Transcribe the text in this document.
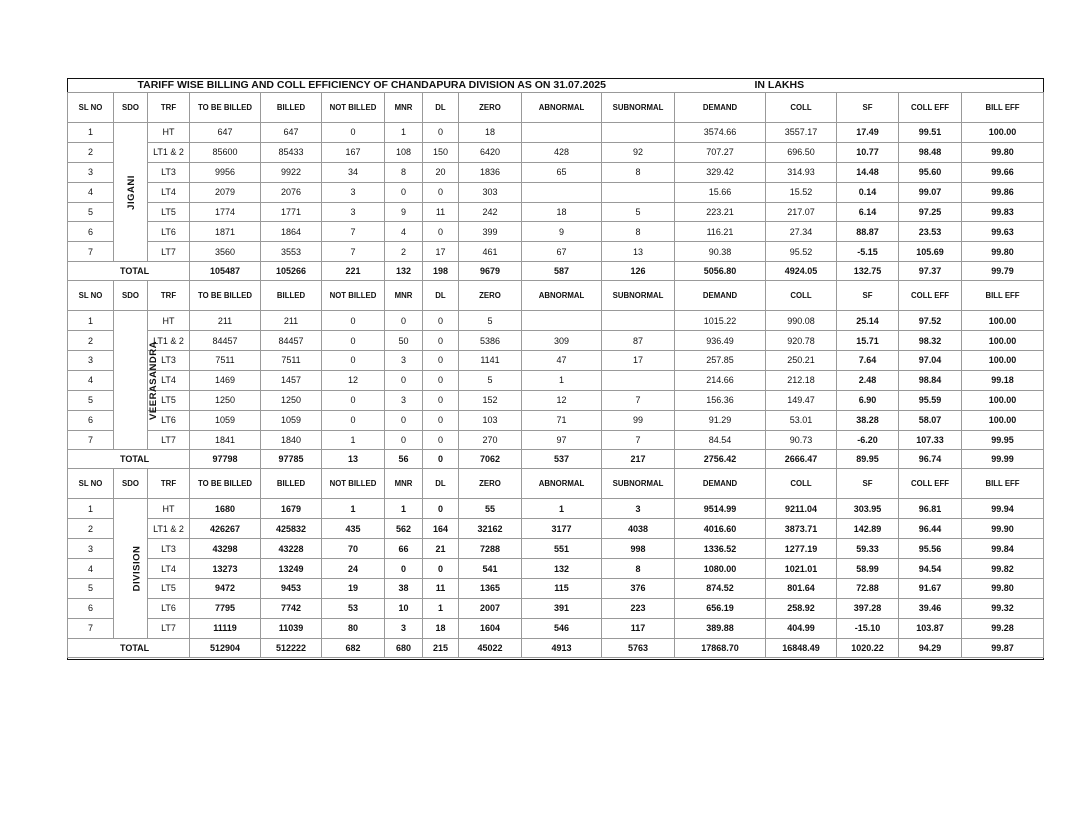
TARIFF WISE BILLING AND COLL EFFICIENCY OF CHANDAPURA DIVISION AS ON 31.07.2025											IN LAKHS				
SL NO	SDO	TRF	TO BE BILLED	BILLED	NOT BILLED	MNR	DL	ZERO	ABNORMAL	SUBNORMAL	DEMAND	COLL	SF	COLL EFF	BILL EFF
1	JIGANI	HT	647	647	0	1	0	18			3574.66	3557.17	17.49	99.51	100.00
2		LT1 & 2	85600	85433	167	108	150	6420	428	92	707.27	696.50	10.77	98.48	99.80
3		LT3	9956	9922	34	8	20	1836	65	8	329.42	314.93	14.48	95.60	99.66
4		LT4	2079	2076	3	0	0	303			15.66	15.52	0.14	99.07	99.86
5		LT5	1774	1771	3	9	11	242	18	5	223.21	217.07	6.14	97.25	99.83
6		LT6	1871	1864	7	4	0	399	9	8	116.21	27.34	88.87	23.53	99.63
7		LT7	3560	3553	7	2	17	461	67	13	90.38	95.52	-5.15	105.69	99.80
TOTAL			105487	105266	221	132	198	9679	587	126	5056.80	4924.05	132.75	97.37	99.79
SL NO	SDO	TRF	TO BE BILLED	BILLED	NOT BILLED	MNR	DL	ZERO	ABNORMAL	SUBNORMAL	DEMAND	COLL	SF	COLL EFF	BILL EFF
1	VEERASANDRA	HT	211	211	0	0	0	5			1015.22	990.08	25.14	97.52	100.00
2		LT1 & 2	84457	84457	0	50	0	5386	309	87	936.49	920.78	15.71	98.32	100.00
3		LT3	7511	7511	0	3	0	1141	47	17	257.85	250.21	7.64	97.04	100.00
4		LT4	1469	1457	12	0	0	5	1		214.66	212.18	2.48	98.84	99.18
5		LT5	1250	1250	0	3	0	152	12	7	156.36	149.47	6.90	95.59	100.00
6		LT6	1059	1059	0	0	0	103	71	99	91.29	53.01	38.28	58.07	100.00
7		LT7	1841	1840	1	0	0	270	97	7	84.54	90.73	-6.20	107.33	99.95
TOTAL			97798	97785	13	56	0	7062	537	217	2756.42	2666.47	89.95	96.74	99.99
SL NO	SDO	TRF	TO BE BILLED	BILLED	NOT BILLED	MNR	DL	ZERO	ABNORMAL	SUBNORMAL	DEMAND	COLL	SF	COLL EFF	BILL EFF
1	DIVISION	HT	1680	1679	1	1	0	55	1	3	9514.99	9211.04	303.95	96.81	99.94
2		LT1 & 2	426267	425832	435	562	164	32162	3177	4038	4016.60	3873.71	142.89	96.44	99.90
3		LT3	43298	43228	70	66	21	7288	551	998	1336.52	1277.19	59.33	95.56	99.84
4		LT4	13273	13249	24	0	0	541	132	8	1080.00	1021.01	58.99	94.54	99.82
5		LT5	9472	9453	19	38	11	1365	115	376	874.52	801.64	72.88	91.67	99.80
6		LT6	7795	7742	53	10	1	2007	391	223	656.19	258.92	397.28	39.46	99.32
7		LT7	11119	11039	80	3	18	1604	546	117	389.88	404.99	-15.10	103.87	99.28
TOTAL			512904	512222	682	680	215	45022	4913	5763	17868.70	16848.49	1020.22	94.29	99.87
